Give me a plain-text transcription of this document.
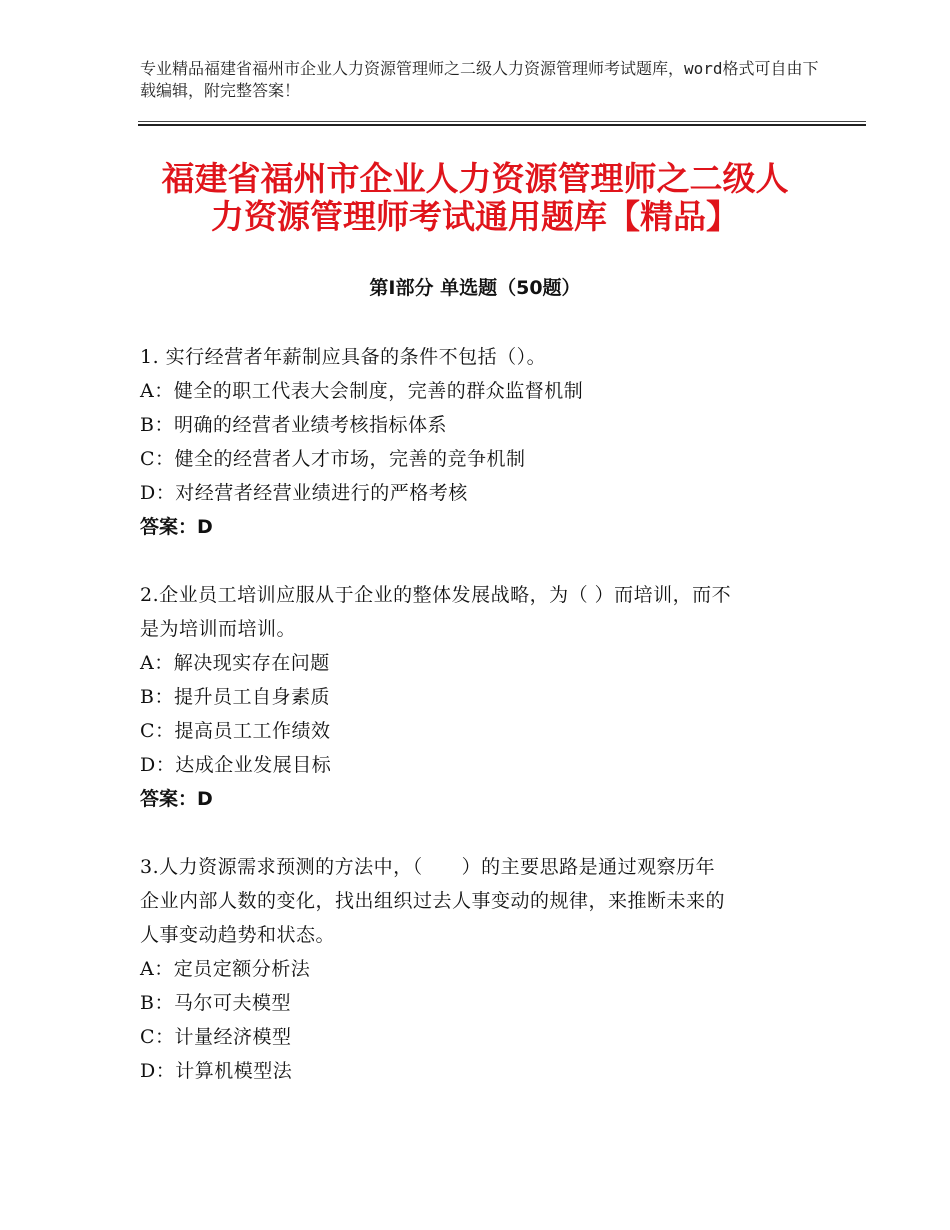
专业精品福建省福州市企业人力资源管理师之二级人力资源管理师考试题库，word格式可自由下载编辑，附完整答案！
福建省福州市企业人力资源管理师之二级人
力资源管理师考试通用题库【精品】
第Ⅰ部分 单选题（50题）
1. 实行经营者年薪制应具备的条件不包括（）。
A：健全的职工代表大会制度，完善的群众监督机制
B：明确的经营者业绩考核指标体系
C：健全的经营者人才市场，完善的竞争机制
D：对经营者经营业绩进行的严格考核
答案：D
2.企业员工培训应服从于企业的整体发展战略，为（ ）而培训，而不
是为培训而培训。
A：解决现实存在问题
B：提升员工自身素质
C：提高员工工作绩效
D：达成企业发展目标
答案：D
3.人力资源需求预测的方法中，（　　）的主要思路是通过观察历年
企业内部人数的变化，找出组织过去人事变动的规律，来推断未来的
人事变动趋势和状态。
A：定员定额分析法
B：马尔可夫模型
C：计量经济模型
D：计算机模型法
